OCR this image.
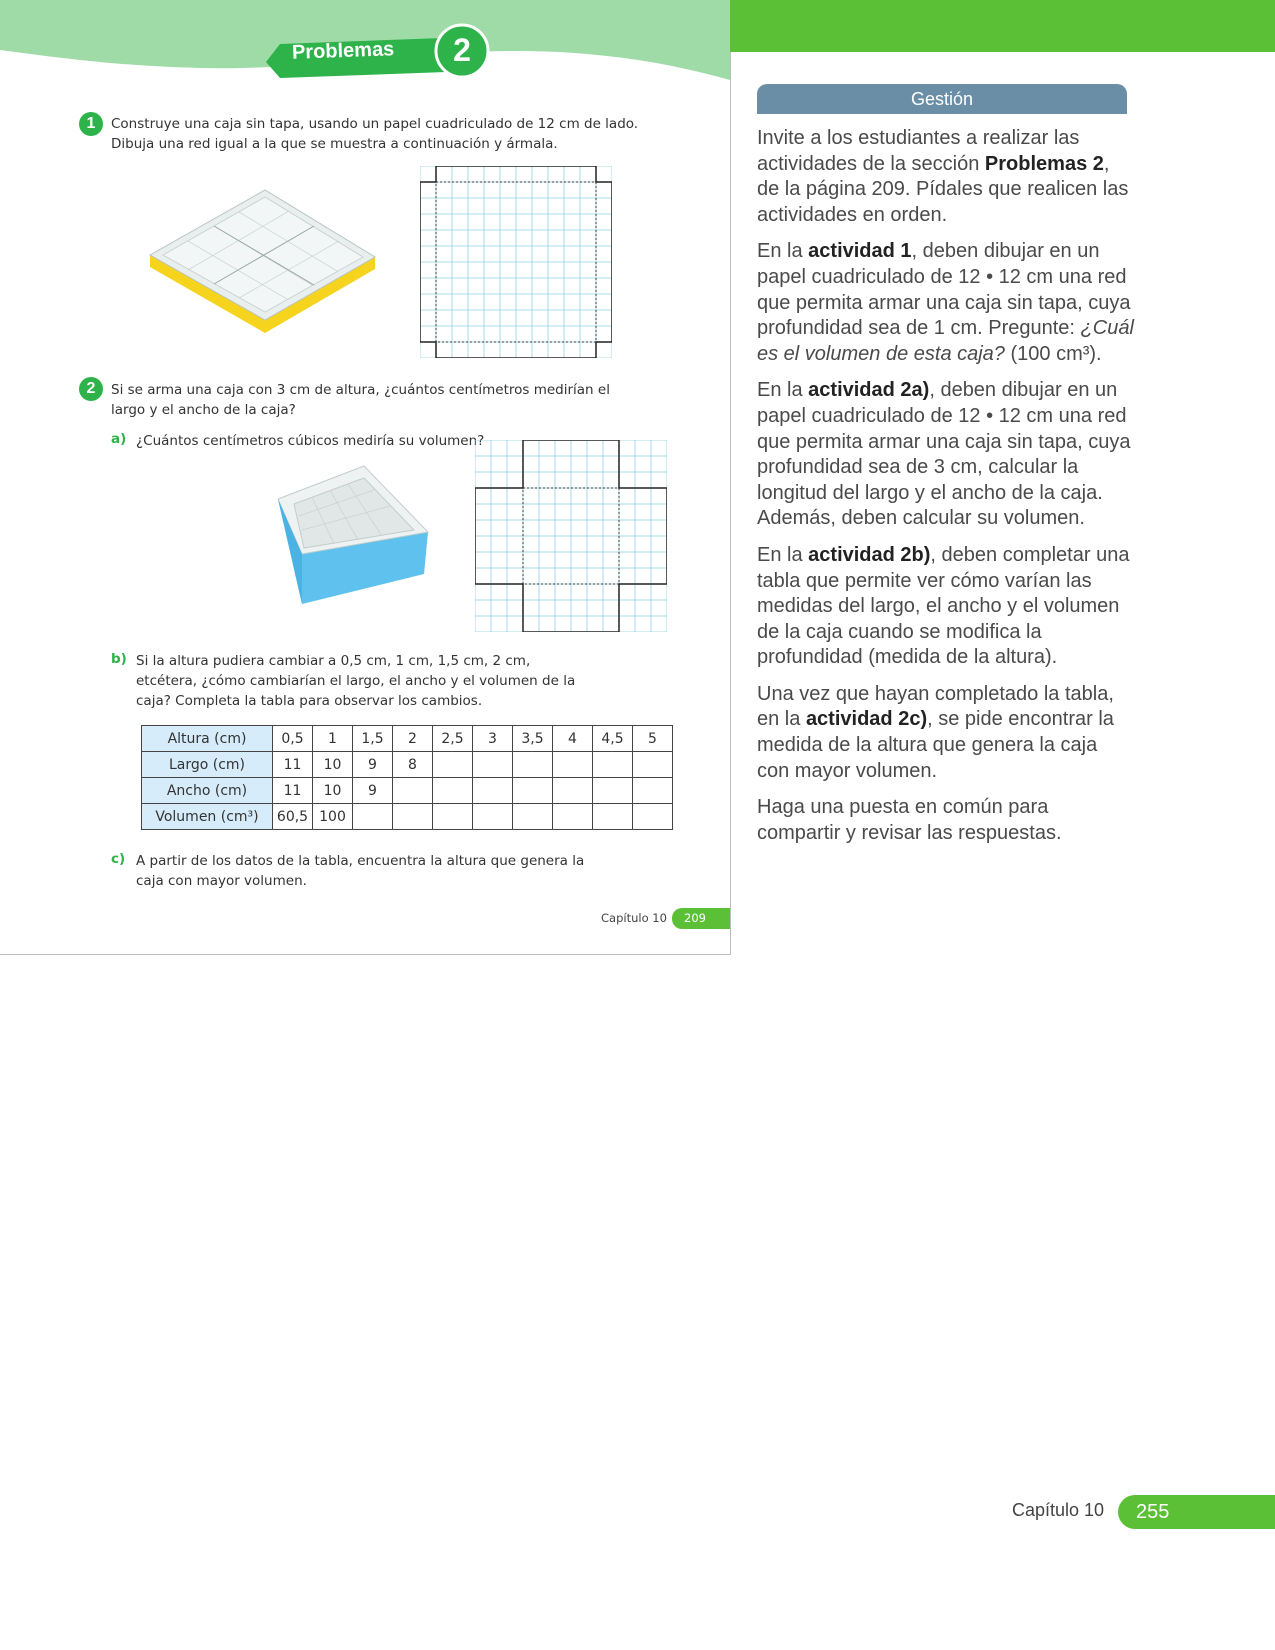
Problemas 2
1	Construye una caja sin tapa, usando un papel cuadriculado de 12 cm de lado. Dibuja una red igual a la que se muestra a continuación y ármala.
2	Si se arma una caja con 3 cm de altura, ¿cuántos centímetros medirían el largo y el ancho de la caja?
a) ¿Cuántos centímetros cúbicos mediría su volumen?
b) Si la altura pudiera cambiar a 0,5 cm, 1 cm, 1,5 cm, 2 cm, etcétera, ¿cómo cambiarían el largo, el ancho y el volumen de la caja? Completa la tabla para observar los cambios.
Altura (cm)	0,5	1	1,5	2	2,5	3	3,5	4	4,5	5
Largo (cm)	11	10	9	8						
Ancho (cm)	11	10	9							
Volumen (cm³)	60,5	100								
c) A partir de los datos de la tabla, encuentra la altura que genera la caja con mayor volumen.
Capítulo 10	209
Gestión

Invite a los estudiantes a realizar las actividades de la sección Problemas 2, de la página 209. Pídales que realicen las actividades en orden.

En la actividad 1, deben dibujar en un papel cuadriculado de 12 • 12 cm una red que permita armar una caja sin tapa, cuya profundidad sea de 1 cm. Pregunte: ¿Cuál es el volumen de esta caja? (100 cm³).

En la actividad 2a), deben dibujar en un papel cuadriculado de 12 • 12 cm una red que permita armar una caja sin tapa, cuya profundidad sea de 3 cm, calcular la longitud del largo y el ancho de la caja. Además, deben calcular su volumen.

En la actividad 2b), deben completar una tabla que permite ver cómo varían las medidas del largo, el ancho y el volumen de la caja cuando se modifica la profundidad (medida de la altura).

Una vez que hayan completado la tabla, en la actividad 2c), se pide encontrar la medida de la altura que genera la caja con mayor volumen.

Haga una puesta en común para compartir y revisar las respuestas.

Capítulo 10	255
